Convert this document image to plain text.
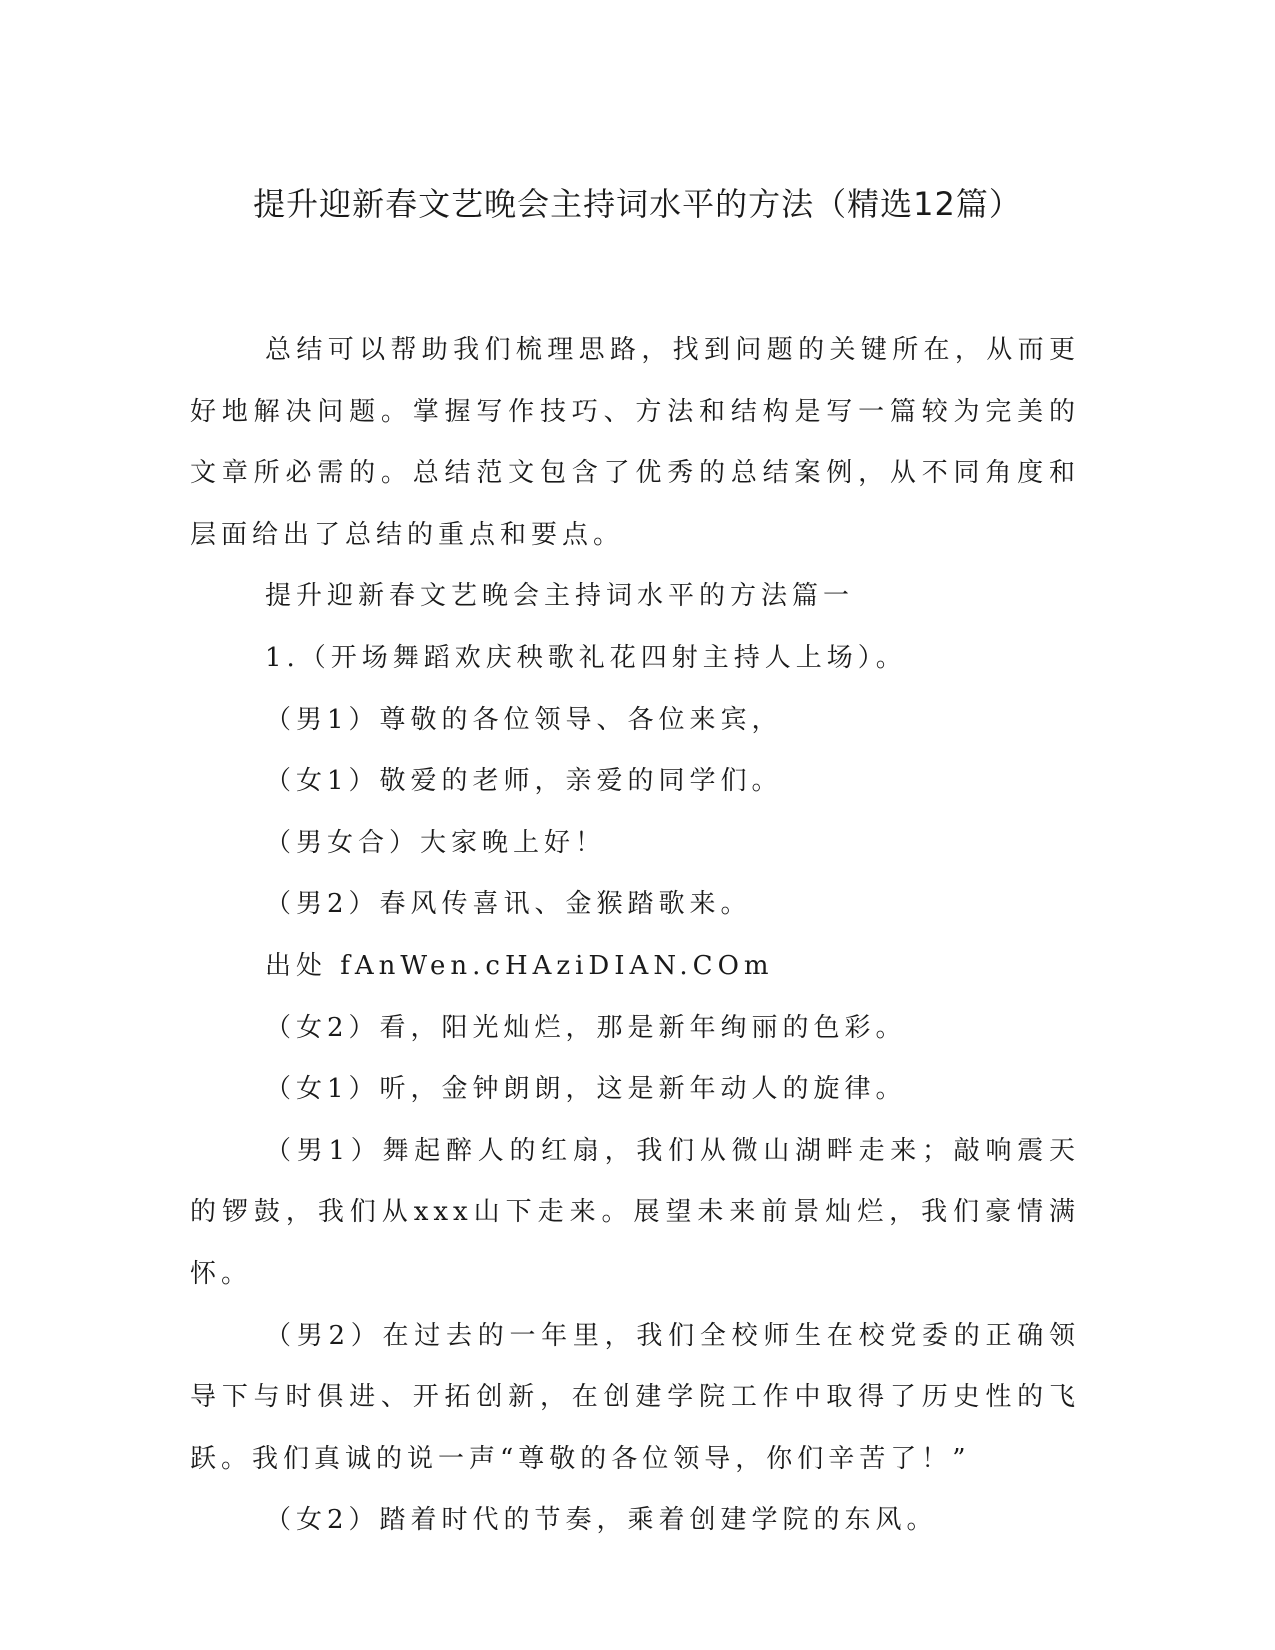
提升迎新春文艺晚会主持词水平的方法（精选12篇）

总结可以帮助我们梳理思路，找到问题的关键所在，从而更好地解决问题。掌握写作技巧、方法和结构是写一篇较为完美的文章所必需的。总结范文包含了优秀的总结案例，从不同角度和层面给出了总结的重点和要点。

提升迎新春文艺晚会主持词水平的方法篇一

1.（开场舞蹈欢庆秧歌礼花四射主持人上场）。

（男1）尊敬的各位领导、各位来宾，

（女1）敬爱的老师，亲爱的同学们。

（男女合）大家晚上好！

（男2）春风传喜讯、金猴踏歌来。

出处 fAnWen.cHAziDIAN.COm

（女2）看，阳光灿烂，那是新年绚丽的色彩。

（女1）听，金钟朗朗，这是新年动人的旋律。

（男1）舞起醉人的红扇，我们从微山湖畔走来；敲响震天的锣鼓，我们从xxx山下走来。展望未来前景灿烂，我们豪情满怀。

（男2）在过去的一年里，我们全校师生在校党委的正确领导下与时俱进、开拓创新，在创建学院工作中取得了历史性的飞跃。我们真诚的说一声“尊敬的各位领导，你们辛苦了！”

（女2）踏着时代的节奏，乘着创建学院的东风。
